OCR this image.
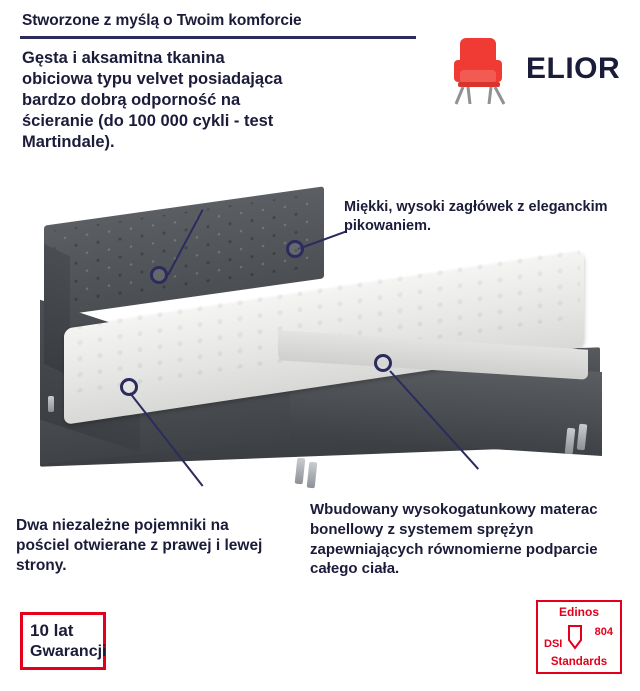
Stworzone z myślą o Twoim komforcie
ELIOR
Gęsta i aksamitna tkanina obiciowa typu velvet posiadająca bardzo dobrą odporność na ścieranie (do 100 000 cykli - test Martindale).
Miękki, wysoki zagłówek z eleganckim pikowaniem.
Dwa niezależne pojemniki na pościel otwierane z prawej i lewej strony.
Wbudowany wysokogatunkowy materac bonellowy z systemem sprężyn zapewniających równomierne podparcie całego ciała.
10 lat
Gwarancji
Edinos
DSI
804
Standards
